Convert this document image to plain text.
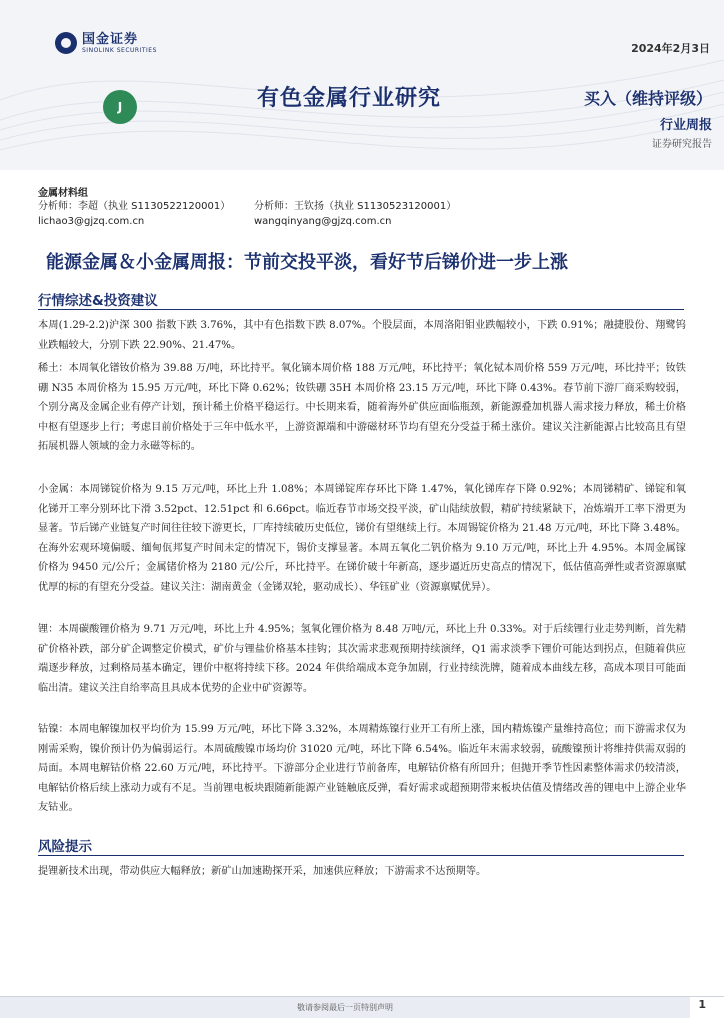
国金证券
SINOLINK SECURITIES
J
2024年2月3日
有色金属行业研究	买入（维持评级）
行业周报
证券研究报告
金属材料组
分析师：李超（执业 S1130522120001）
lichao3@gjzq.com.cn
分析师：王钦扬（执业 S1130523120001）
wangqinyang@gjzq.com.cn
能源金属＆小金属周报：节前交投平淡，看好节后锑价进一步上涨
行情综述&投资建议
本周(1.29-2.2)沪深 300 指数下跌 3.76%，其中有色指数下跌 8.07%。个股层面，本周洛阳钼业跌幅较小，下跌 0.91%；融捷股份、翔鹭钨业跌幅较大，分别下跌 22.90%、21.47%。
稀土：本周氧化镨钕价格为 39.88 万/吨，环比持平。氧化镝本周价格 188 万元/吨，环比持平；氧化铽本周价格 559 万元/吨，环比持平；钕铁硼 N35 本周价格为 15.95 万元/吨，环比下降 0.62%；钕铁硼 35H 本周价格 23.15 万元/吨，环比下降 0.43%。春节前下游厂商采购较弱，个别分离及金属企业有停产计划，预计稀土价格平稳运行。中长期来看，随着海外矿供应面临瓶颈，新能源叠加机器人需求接力释放，稀土价格中枢有望逐步上行；考虑目前价格处于三年中低水平，上游资源端和中游磁材环节均有望充分受益于稀土涨价。建议关注新能源占比较高且有望拓展机器人领域的金力永磁等标的。
小金属：本周锑锭价格为 9.15 万元/吨，环比上升 1.08%；本周锑锭库存环比下降 1.47%，氧化锑库存下降 0.92%；本周锑精矿、锑锭和氧化锑开工率分别环比下滑 3.52pct、12.51pct 和 6.66pct。临近春节市场交投平淡，矿山陆续放假，精矿持续紧缺下，冶炼端开工率下滑更为显著。节后锑产业链复产时间往往较下游更长，厂库持续破历史低位，锑价有望继续上行。本周锡锭价格为 21.48 万元/吨，环比下降 3.48%。在海外宏观环境偏暖、缅甸佤邦复产时间未定的情况下，锡价支撑显著。本周五氧化二钒价格为 9.10 万元/吨，环比上升 4.95%。本周金属镓价格为 9450 元/公斤；金属锗价格为 2180 元/公斤，环比持平。在锑价破十年新高，逐步逼近历史高点的情况下，低估值高弹性或者资源禀赋优厚的标的有望充分受益。建议关注：湖南黄金（金锑双轮，驱动成长）、华钰矿业（资源禀赋优异）。
锂：本周碳酸锂价格为 9.71 万元/吨，环比上升 4.95%；氢氧化锂价格为 8.48 万吨/元，环比上升 0.33%。对于后续锂行业走势判断，首先精矿价格补跌，部分矿企调整定价模式，矿价与锂盐价格基本挂钩；其次需求悲观预期持续演绎，Q1 需求淡季下锂价可能达到拐点，但随着供应端逐步释放，过剩格局基本确定，锂价中枢将持续下移。2024 年供给端成本竞争加剧，行业持续洗牌，随着成本曲线左移，高成本项目可能面临出清。建议关注自给率高且具成本优势的企业中矿资源等。
钴镍：本周电解镍加权平均价为 15.99 万元/吨，环比下降 3.32%，本周精炼镍行业开工有所上涨，国内精炼镍产量维持高位；而下游需求仅为刚需采购，镍价预计仍为偏弱运行。本周硫酸镍市场均价 31020 元/吨，环比下降 6.54%。临近年末需求较弱，硫酸镍预计将维持供需双弱的局面。本周电解钴价格 22.60 万元/吨，环比持平。下游部分企业进行节前备库，电解钴价格有所回升；但抛开季节性因素整体需求仍较清淡，电解钴价格后续上涨动力或有不足。当前锂电板块跟随新能源产业链触底反弹，看好需求或超预期带来板块估值及情绪改善的锂电中上游企业华友钴业。
风险提示
提锂新技术出现，带动供应大幅释放；新矿山加速勘探开采，加速供应释放；下游需求不达预期等。
敬请参阅最后一页特别声明	1
